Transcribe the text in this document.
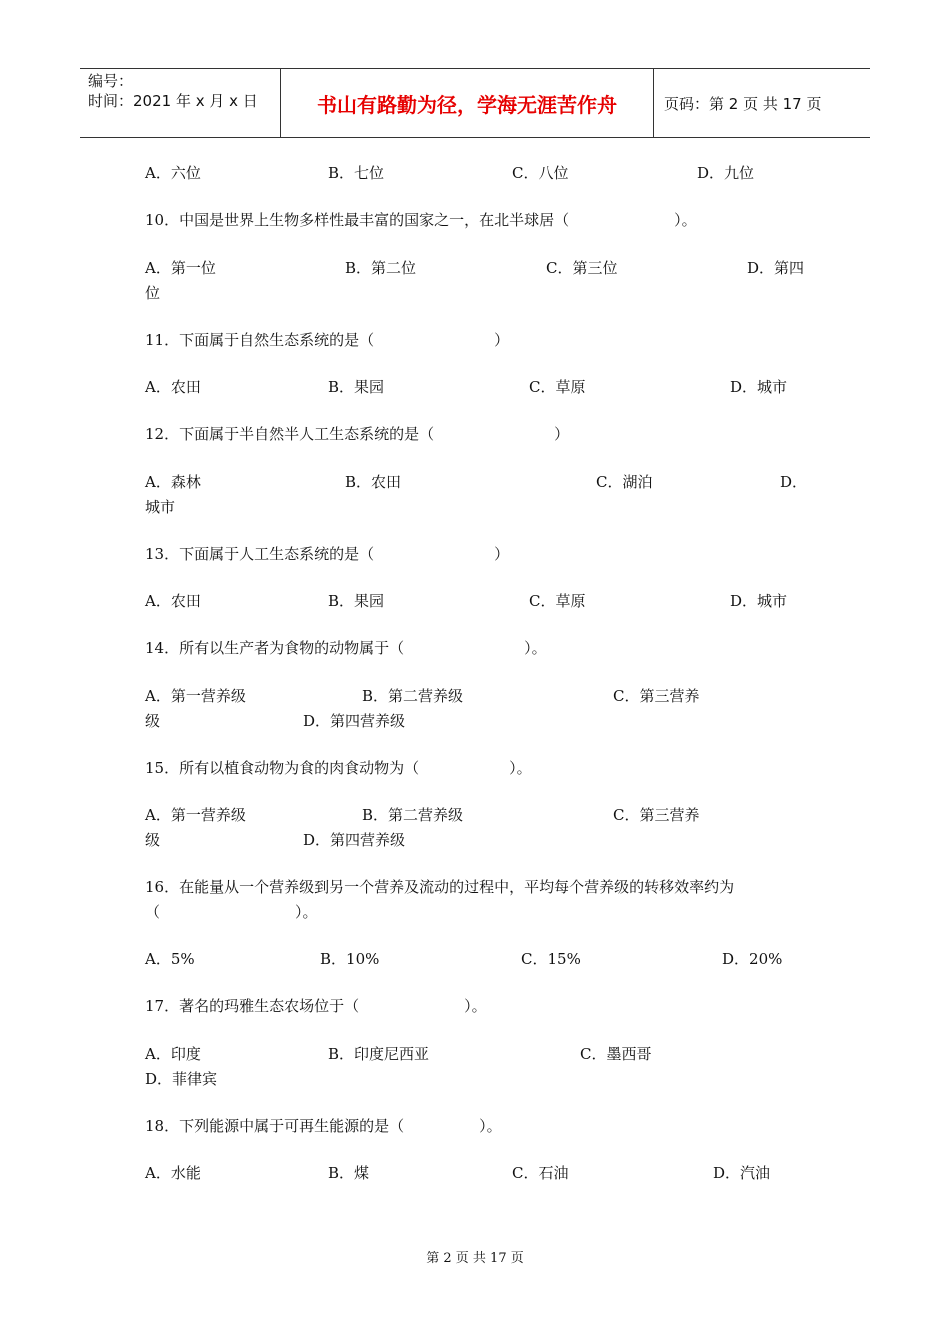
编号：
时间：2021 年 x 月 x 日	书山有路勤为径，学海无涯苦作舟	页码：第 2 页 共 17 页
A．六位	B．七位	C．八位	D．九位
10．中国是世界上生物多样性最丰富的国家之一，在北半球居（　　　　　　　）。
A．第一位	B．第二位	C．第三位	D．第四
位
11．下面属于自然生态系统的是（　　　　　　　　）
A．农田	B．果园	C．草原	D．城市
12．下面属于半自然半人工生态系统的是（　　　　　　　　）
A．森林	B．农田	C．湖泊	D．
城市
13．下面属于人工生态系统的是（　　　　　　　　）
A．农田	B．果园	C．草原	D．城市
14．所有以生产者为食物的动物属于（　　　　　　　　）。
A．第一营养级	B．第二营养级	C．第三营养
级	D．第四营养级
15．所有以植食动物为食的肉食动物为（　　　　　　）。
A．第一营养级	B．第二营养级	C．第三营养
级	D．第四营养级
16．在能量从一个营养级到另一个营养及流动的过程中，平均每个营养级的转移效率约为
（　　　　　　　　　）。
A．5%	B．10%	C．15%	D．20%
17．著名的玛雅生态农场位于（　　　　　　　）。
A．印度	B．印度尼西亚	C．墨西哥
D．菲律宾
18．下列能源中属于可再生能源的是（　　　　　）。
A．水能	B．煤	C．石油	D．汽油
第 2 页 共 17 页
